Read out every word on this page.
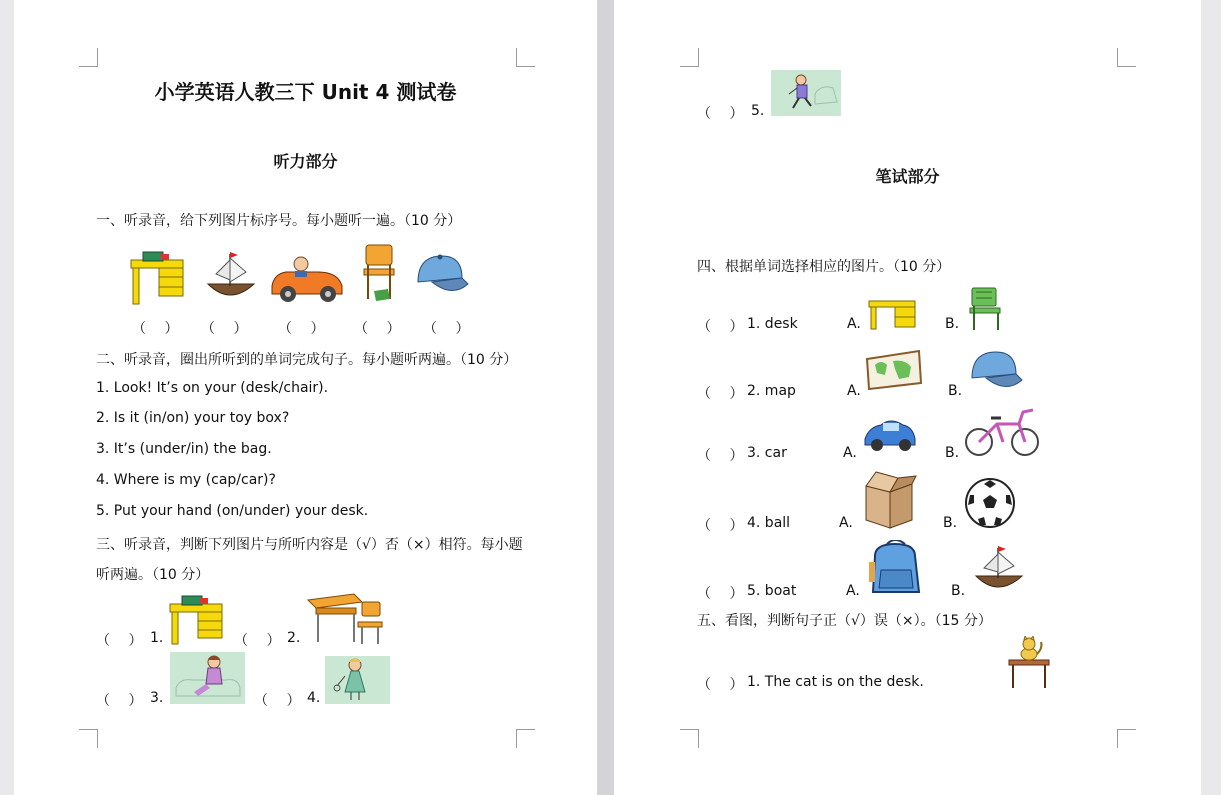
小学英语人教三下 Unit 4 测试卷
听力部分
一、听录音，给下列图片标序号。每小题听一遍。（10 分）
（　 ） （　 ） （　 ） （　 ） （　 ）
二、听录音，圈出所听到的单词完成句子。每小题听两遍。（10 分）
1. Look! It’s on your (desk/chair).
2. Is it (in/on) your toy box?
3. It’s (under/in) the bag.
4. Where is my (cap/car)?
5. Put your hand (on/under) your desk.
三、听录音，判断下列图片与所听内容是（√）否（×）相符。每小题
听两遍。（10 分）
（　 ） 1.	（　 ） 2.
（　 ） 3.	（　 ） 4.
（　 ） 5.
笔试部分
四、根据单词选择相应的图片。（10 分）
（　 ） 1. desk	A.	B.
（　 ） 2. map	A.	B.
（　 ） 3. car	A.	B.
（　 ） 4. ball	A.	B.
（　 ） 5. boat	A.	B.
五、看图，判断句子正（√）误（×）。（15 分）
（　 ） 1. The cat is on the desk.
